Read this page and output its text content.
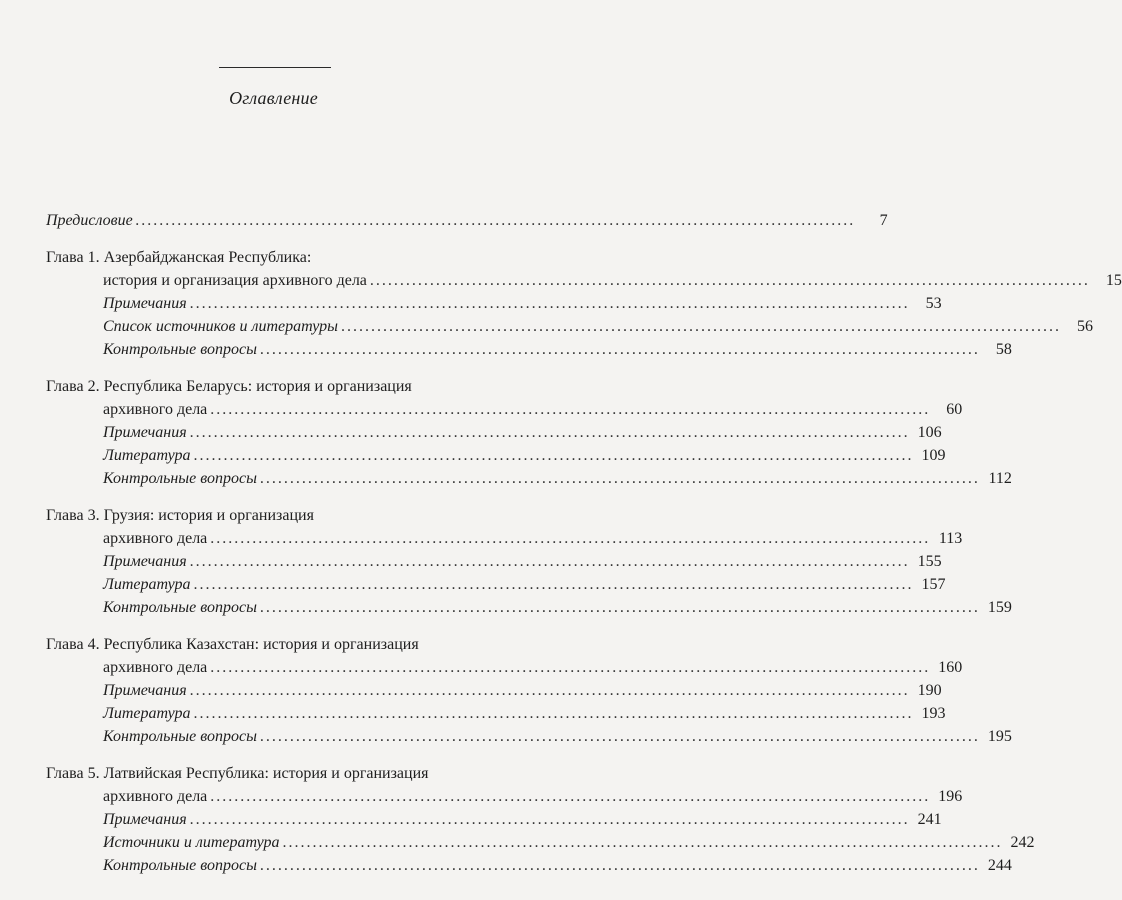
Оглавление
Предисловие ........................................................................................................................	7
Глава 1. Азербайджанская Республика:
история и организация архивного дела ........................................................................................................................	15
Примечания ........................................................................................................................	53
Список источников и литературы ........................................................................................................................	56
Контрольные вопросы ........................................................................................................................	58
Глава 2. Республика Беларусь: история и организация
архивного дела ........................................................................................................................	60
Примечания ........................................................................................................................ 106
Литература ........................................................................................................................ 109
Контрольные вопросы ........................................................................................................................ 112
Глава 3. Грузия: история и организация
архивного дела ........................................................................................................................ 113
Примечания ........................................................................................................................ 155
Литература ........................................................................................................................ 157
Контрольные вопросы ........................................................................................................................ 159
Глава 4. Республика Казахстан: история и организация
архивного дела ........................................................................................................................ 160
Примечания ........................................................................................................................ 190
Литература ........................................................................................................................ 193
Контрольные вопросы ........................................................................................................................ 195
Глава 5. Латвийская Республика: история и организация
архивного дела ........................................................................................................................ 196
Примечания ........................................................................................................................ 241
Источники и литература ........................................................................................................................ 242
Контрольные вопросы ........................................................................................................................ 244
